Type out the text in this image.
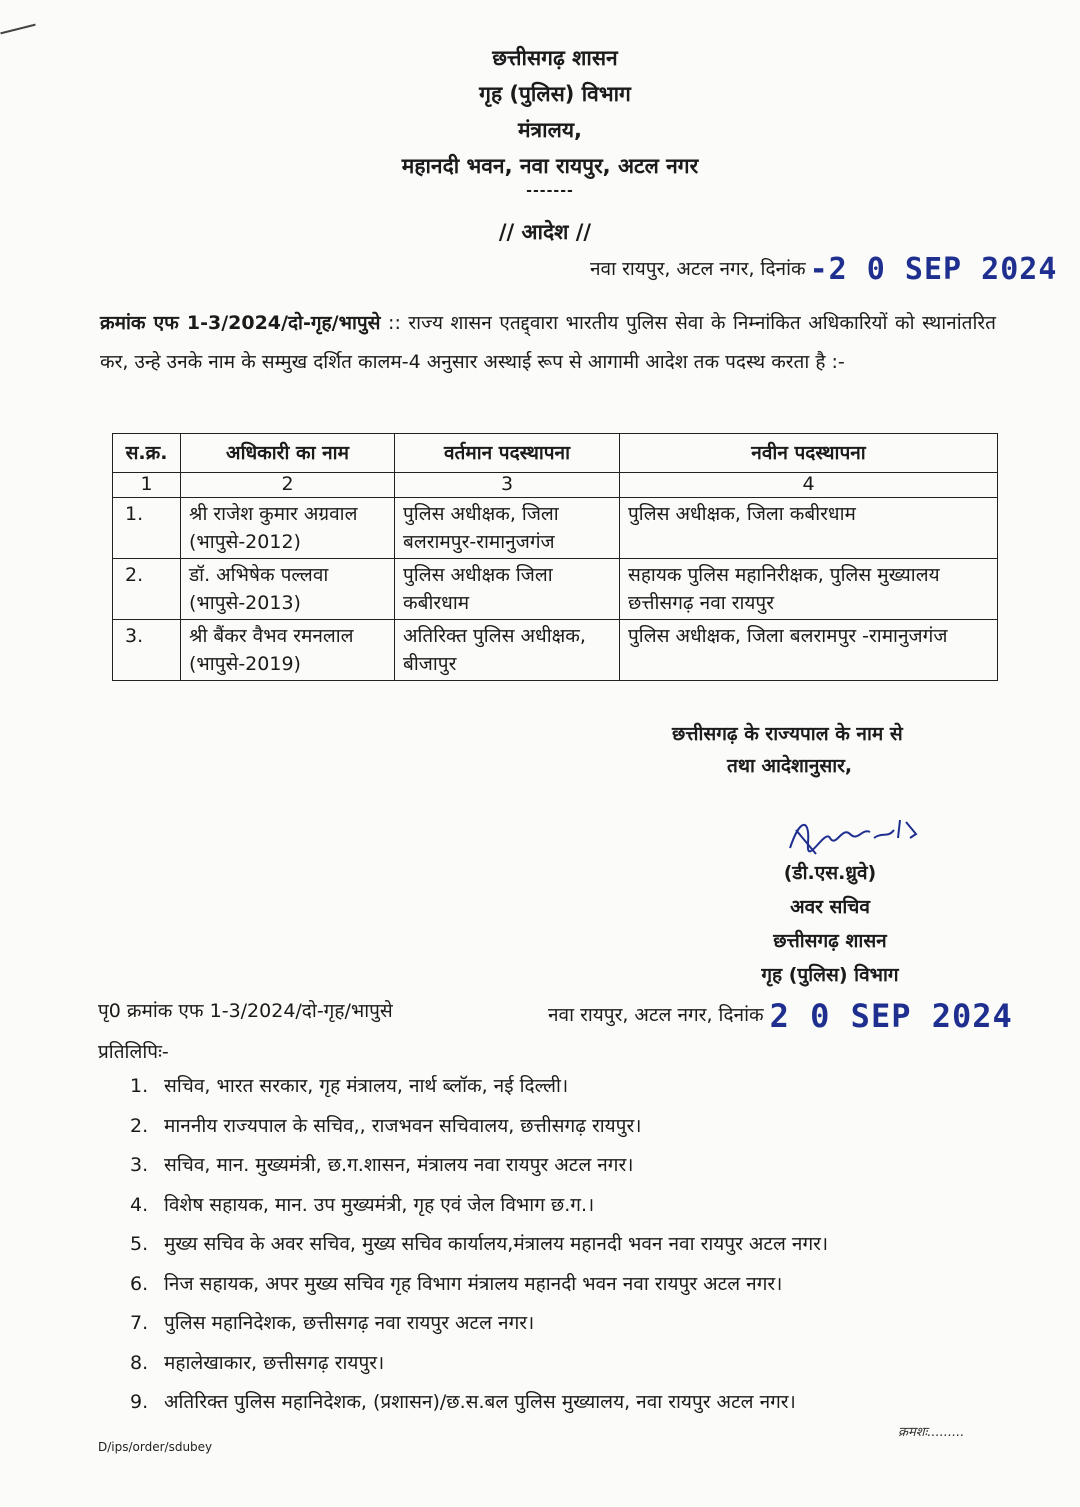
छत्तीसगढ़ शासन
गृह (पुलिस) विभाग
मंत्रालय,
महानदी भवन, नवा रायपुर, अटल नगर
-------
// आदेश //
नवा रायपुर, अटल नगर, दिनांक -2 0 SEP 2024
क्रमांक एफ 1-3/2024/दो-गृह/भापुसे :: राज्य शासन एतद्द्वारा भारतीय पुलिस सेवा के निम्नांकित अधिकारियों को स्थानांतरित कर, उन्हे उनके नाम के सम्मुख दर्शित कालम-4 अनुसार अस्थाई रूप से आगामी आदेश तक पदस्थ करता है :-
स.क्र.	अधिकारी का नाम	वर्तमान पदस्थापना	नवीन पदस्थापना
1	2	3	4
1.	श्री राजेश कुमार अग्रवाल (भापुसे-2012)	पुलिस अधीक्षक, जिला बलरामपुर-रामानुजगंज	पुलिस अधीक्षक, जिला कबीरधाम
2.	डॉ. अभिषेक पल्लवा (भापुसे-2013)	पुलिस अधीक्षक जिला कबीरधाम	सहायक पुलिस महानिरीक्षक, पुलिस मुख्यालय छत्तीसगढ़ नवा रायपुर
3.	श्री बैंकर वैभव रमनलाल (भापुसे-2019)	अतिरिक्त पुलिस अधीक्षक, बीजापुर	पुलिस अधीक्षक, जिला बलरामपुर -रामानुजगंज
छत्तीसगढ़ के राज्यपाल के नाम से
तथा आदेशानुसार,
(डी.एस.ध्रुवे)
अवर सचिव
छत्तीसगढ़ शासन
गृह (पुलिस) विभाग
पृ0 क्रमांक एफ 1-3/2024/दो-गृह/भापुसे	नवा रायपुर, अटल नगर, दिनांक 2 0 SEP 2024
प्रतिलिपिः-
1. सचिव, भारत सरकार, गृह मंत्रालय, नार्थ ब्लॉक, नई दिल्ली।
2. माननीय राज्यपाल के सचिव,, राजभवन सचिवालय, छत्तीसगढ़ रायपुर।
3. सचिव, मान. मुख्यमंत्री, छ.ग.शासन, मंत्रालय नवा रायपुर अटल नगर।
4. विशेष सहायक, मान. उप मुख्यमंत्री, गृह एवं जेल विभाग छ.ग.।
5. मुख्य सचिव के अवर सचिव, मुख्य सचिव कार्यालय,मंत्रालय महानदी भवन नवा रायपुर अटल नगर।
6. निज सहायक, अपर मुख्य सचिव गृह विभाग मंत्रालय महानदी भवन नवा रायपुर अटल नगर।
7. पुलिस महानिदेशक, छत्तीसगढ़ नवा रायपुर अटल नगर।
8. महालेखाकार, छत्तीसगढ़ रायपुर।
9. अतिरिक्त पुलिस महानिदेशक, (प्रशासन)/छ.स.बल पुलिस मुख्यालय, नवा रायपुर अटल नगर।
क्रमशः.........
D/ips/order/sdubey
